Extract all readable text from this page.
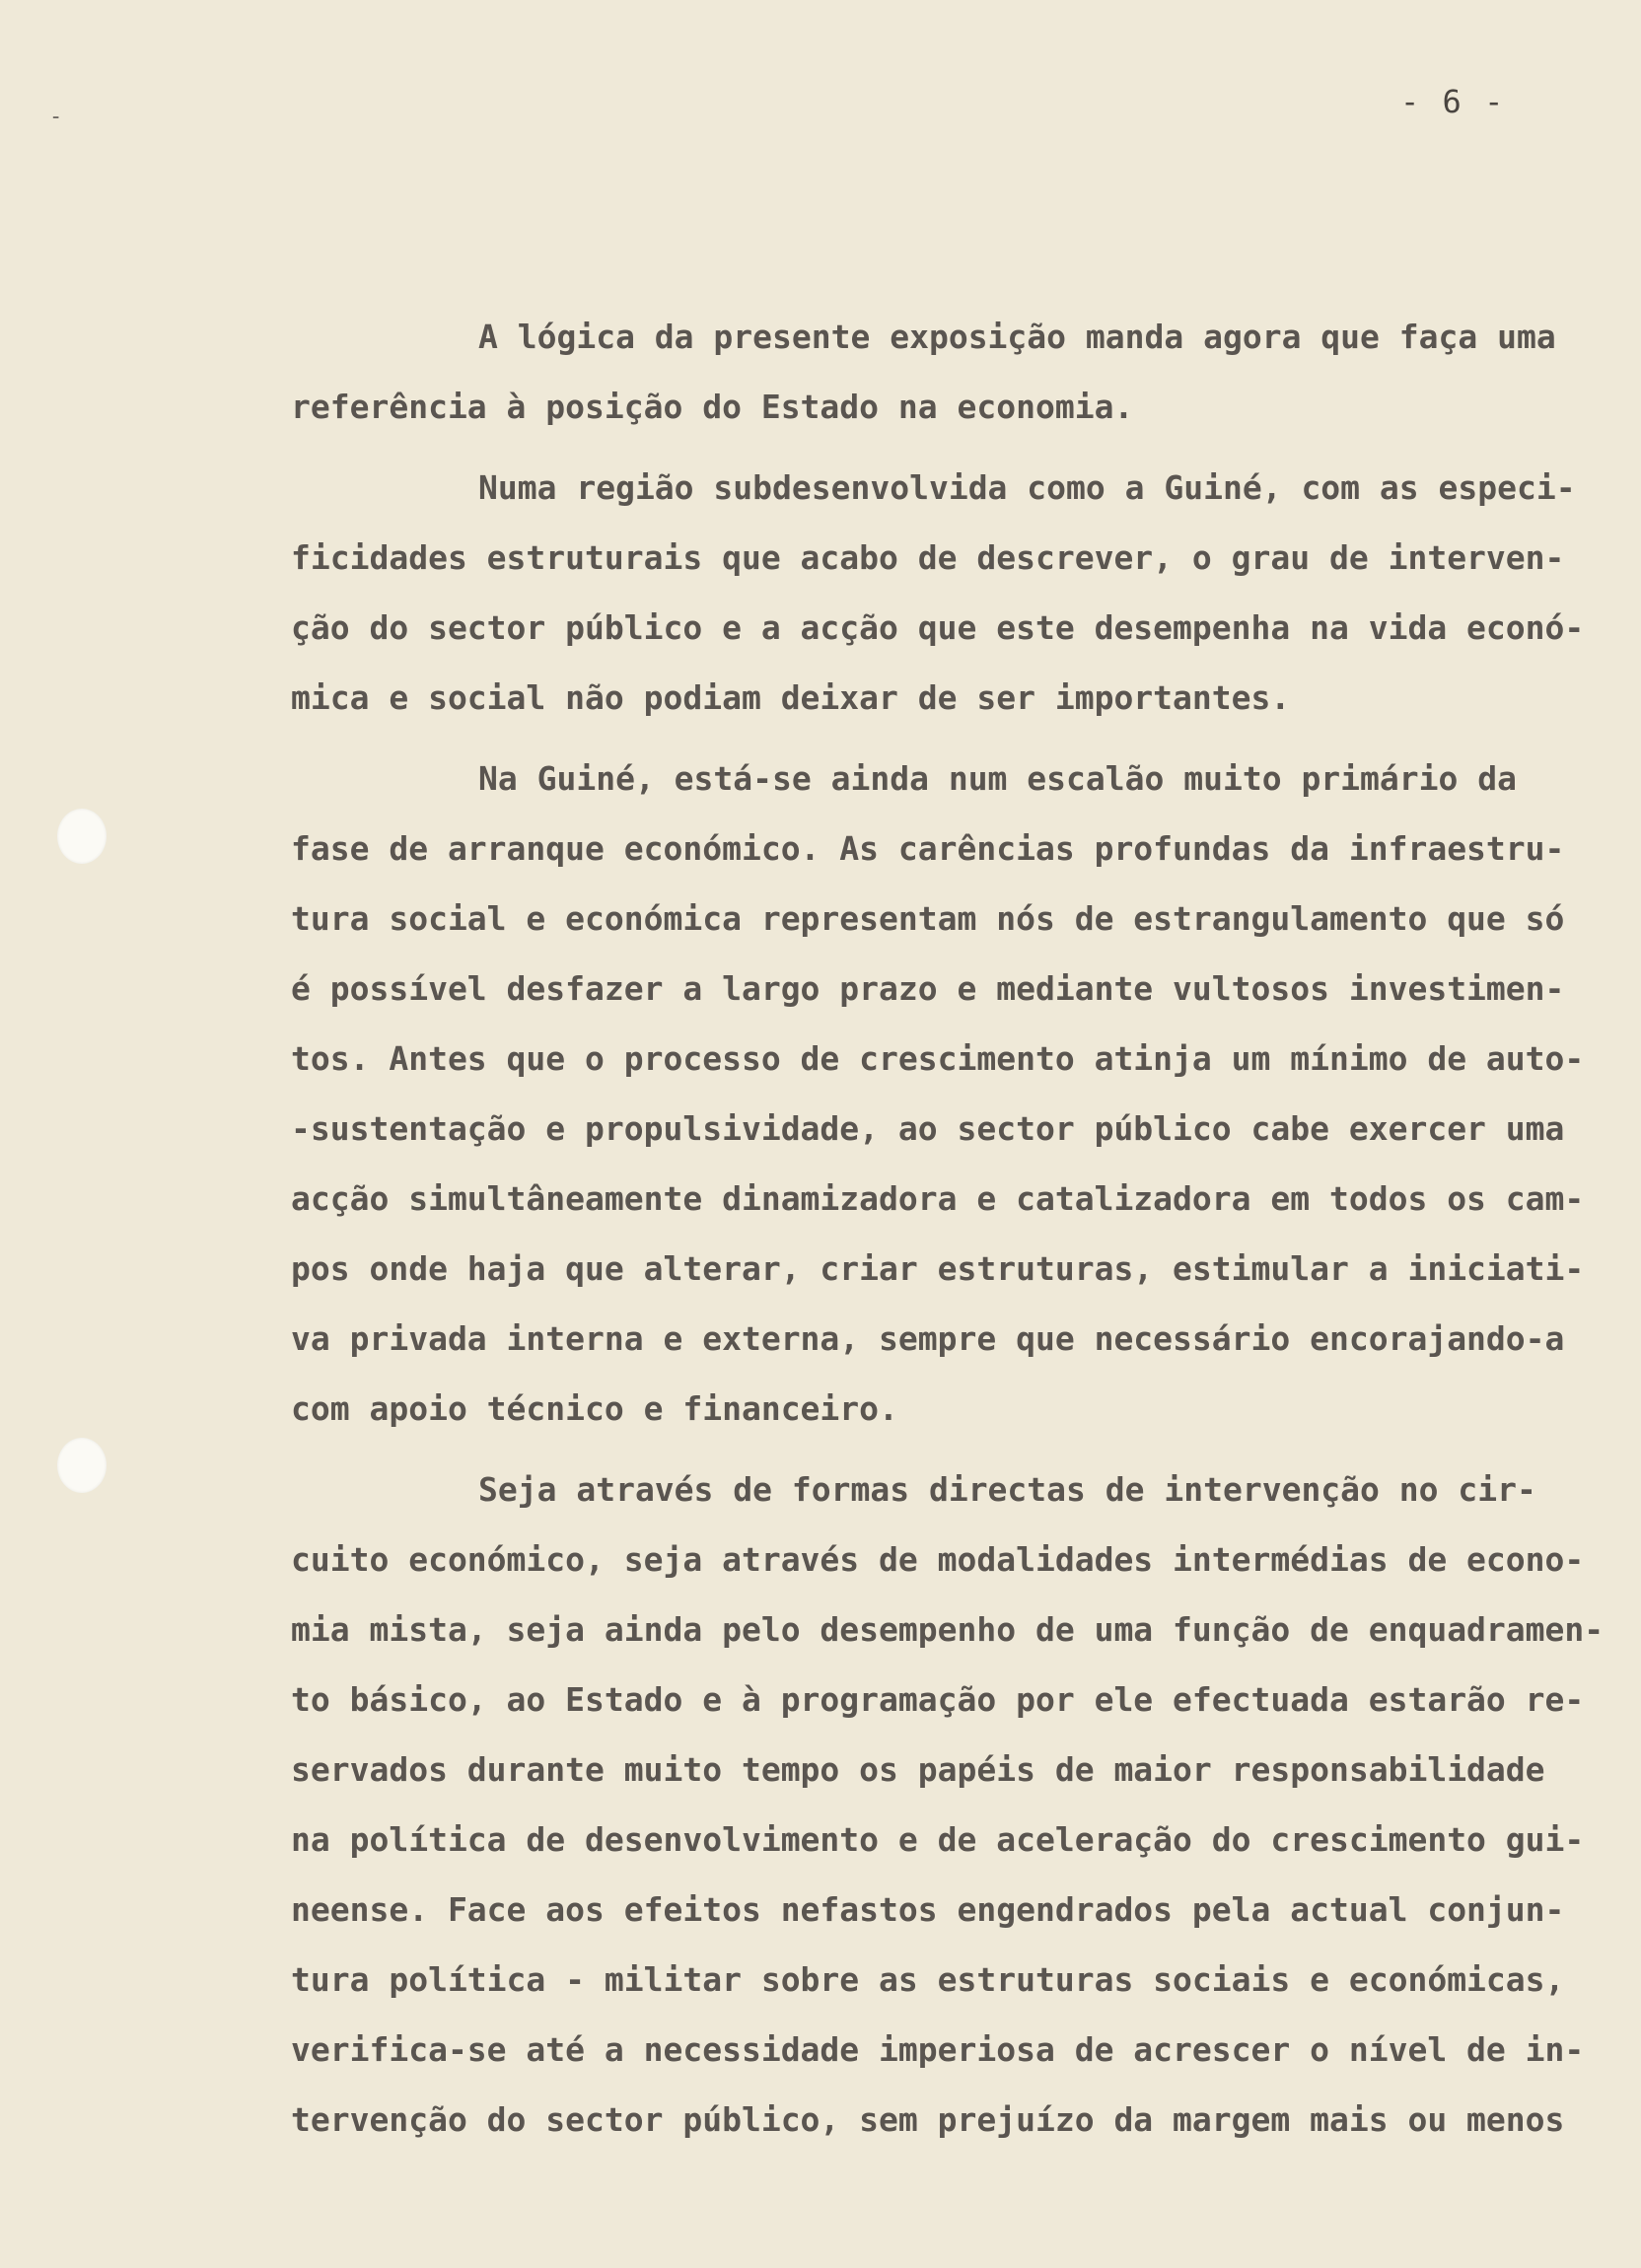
-	- 6 -
A lógica da presente exposição manda agora que faça uma
referência à posição do Estado na economia.
Numa região subdesenvolvida como a Guiné, com as especi-
ficidades estruturais que acabo de descrever, o grau de interven-
ção do sector público e a acção que este desempenha na vida econó-
mica e social não podiam deixar de ser importantes.
Na Guiné, está-se ainda num escalão muito primário da
fase de arranque económico. As carências profundas da infraestru-
tura social e económica representam nós de estrangulamento que só
é possível desfazer a largo prazo e mediante vultosos investimen-
tos. Antes que o processo de crescimento atinja um mínimo de auto-
-sustentação e propulsividade, ao sector público cabe exercer uma
acção simultâneamente dinamizadora e catalizadora em todos os cam-
pos onde haja que alterar, criar estruturas, estimular a iniciati-
va privada interna e externa, sempre que necessário encorajando-a
com apoio técnico e financeiro.
Seja através de formas directas de intervenção no cir-
cuito económico, seja através de modalidades intermédias de econo-
mia mista, seja ainda pelo desempenho de uma função de enquadramen-
to básico, ao Estado e à programação por ele efectuada estarão re-
servados durante muito tempo os papéis de maior responsabilidade
na política de desenvolvimento e de aceleração do crescimento gui-
neense. Face aos efeitos nefastos engendrados pela actual conjun-
tura política - militar sobre as estruturas sociais e económicas,
verifica-se até a necessidade imperiosa de acrescer o nível de in-
tervenção do sector público, sem prejuízo da margem mais ou menos
